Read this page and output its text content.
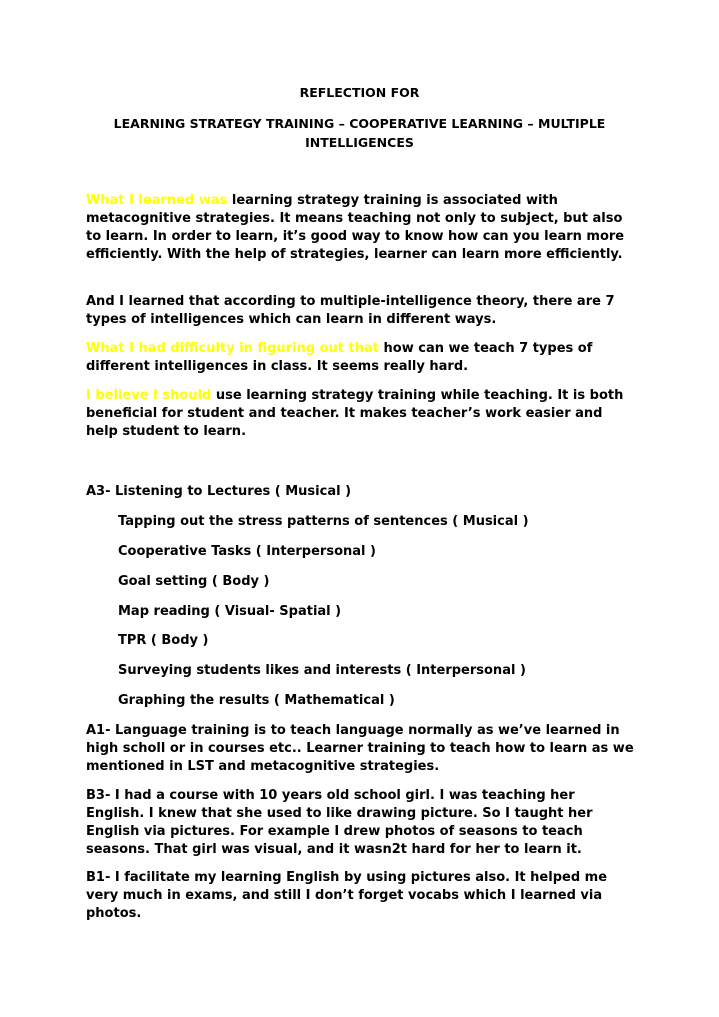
REFLECTION FOR
LEARNING STRATEGY TRAINING – COOPERATIVE LEARNING – MULTIPLE INTELLIGENCES

What I learned was learning strategy training is associated with metacognitive strategies. It means teaching not only to subject, but also to learn. In order to learn, it’s good way to know how can you learn more efficiently. With the help of strategies, learner can learn more efficiently.

And I learned that according to multiple-intelligence theory, there are 7 types of intelligences which can learn in different ways.

What I had difficulty in figuring out that how can we teach 7 types of different intelligences in class. It seems really hard.

I believe I should use learning strategy training while teaching. It is both beneficial for student and teacher. It makes teacher’s work easier and help student to learn.

A3- Listening to Lectures ( Musical )

Tapping out the stress patterns of sentences ( Musical )

Cooperative Tasks ( Interpersonal )

Goal setting ( Body )

Map reading ( Visual- Spatial )

TPR ( Body )

Surveying students likes and interests ( Interpersonal )

Graphing the results ( Mathematical )

A1- Language training is to teach language normally as we’ve learned in high scholl or in courses etc.. Learner training to teach how to learn as we mentioned in LST and metacognitive strategies.

B3- I had a course with 10 years old school girl. I was teaching her English. I knew that she used to like drawing picture. So I taught her English via pictures. For example I drew photos of seasons to teach seasons. That girl was visual, and it wasn2t hard for her to learn it.

B1- I facilitate my learning English by using pictures also. It helped me very much in exams, and still I don’t forget vocabs which I learned via photos.
